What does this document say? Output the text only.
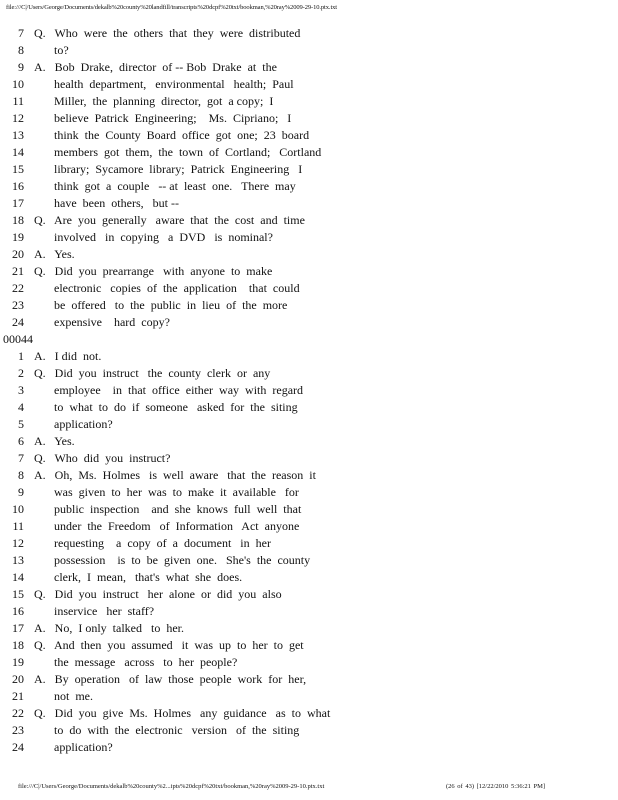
file:///C|/Users/George/Documents/dekalb%20county%20landfill/transcripts%20dcpf%20txt/bookman,%20ray%2009-29-10.ptx.txt
7 Q.   Who  were  the  others  that  they  were  distributed
8	to?
9 A.   Bob  Drake,  director  of -- Bob  Drake  at  the
10	health  department,   environmental   health;  Paul
11	Miller,  the  planning  director,  got  a copy;  I
12	believe  Patrick  Engineering;    Ms.  Cipriano;   I
13	think  the  County  Board  office  got  one;  23  board
14	members  got  them,  the  town  of  Cortland;   Cortland
15	library;  Sycamore  library;  Patrick  Engineering   I
16	think  got  a  couple   -- at  least  one.   There  may
17	have  been  others,   but --
18 Q.   Are  you  generally   aware  that  the  cost  and  time
19	involved   in  copying   a  DVD   is  nominal?
20 A.   Yes.
21 Q.   Did  you  prearrange   with  anyone  to  make
22	electronic   copies  of  the  application    that  could
23	be  offered   to  the  public  in  lieu  of  the  more
24	expensive    hard  copy?
00044
1 A.   I did  not.
2 Q.   Did  you  instruct   the  county  clerk  or  any
3	employee    in  that  office  either  way  with  regard
4	to  what  to  do  if  someone   asked  for  the  siting
5	application?
6 A.   Yes.
7 Q.   Who  did  you  instruct?
8 A.   Oh,  Ms.  Holmes   is  well  aware   that  the  reason  it
9	was  given  to  her  was  to  make  it  available   for
10	public  inspection    and  she  knows  full  well  that
11	under  the  Freedom   of  Information   Act  anyone
12	requesting    a  copy  of  a  document   in  her
13	possession    is  to  be  given  one.   She's  the  county
14	clerk,  I  mean,   that's  what  she  does.
15 Q.   Did  you  instruct   her  alone  or  did  you  also
16	inservice   her  staff?
17 A.   No,  I only  talked   to  her.
18 Q.   And  then  you  assumed   it  was  up  to  her  to  get
19	the  message   across   to  her  people?
20 A.   By  operation   of  law  those  people  work  for  her,
21	not  me.
22 Q.   Did  you  give  Ms.  Holmes   any  guidance   as  to  what
23	to  do  with  the  electronic   version   of  the  siting
24	application?
file:///C|/Users/George/Documents/dekalb%20county%2...ipts%20dcpf%20txt/bookman,%20ray%2009-29-10.ptx.txt	(26 of 43) [12/22/2010 5:36:21 PM]
